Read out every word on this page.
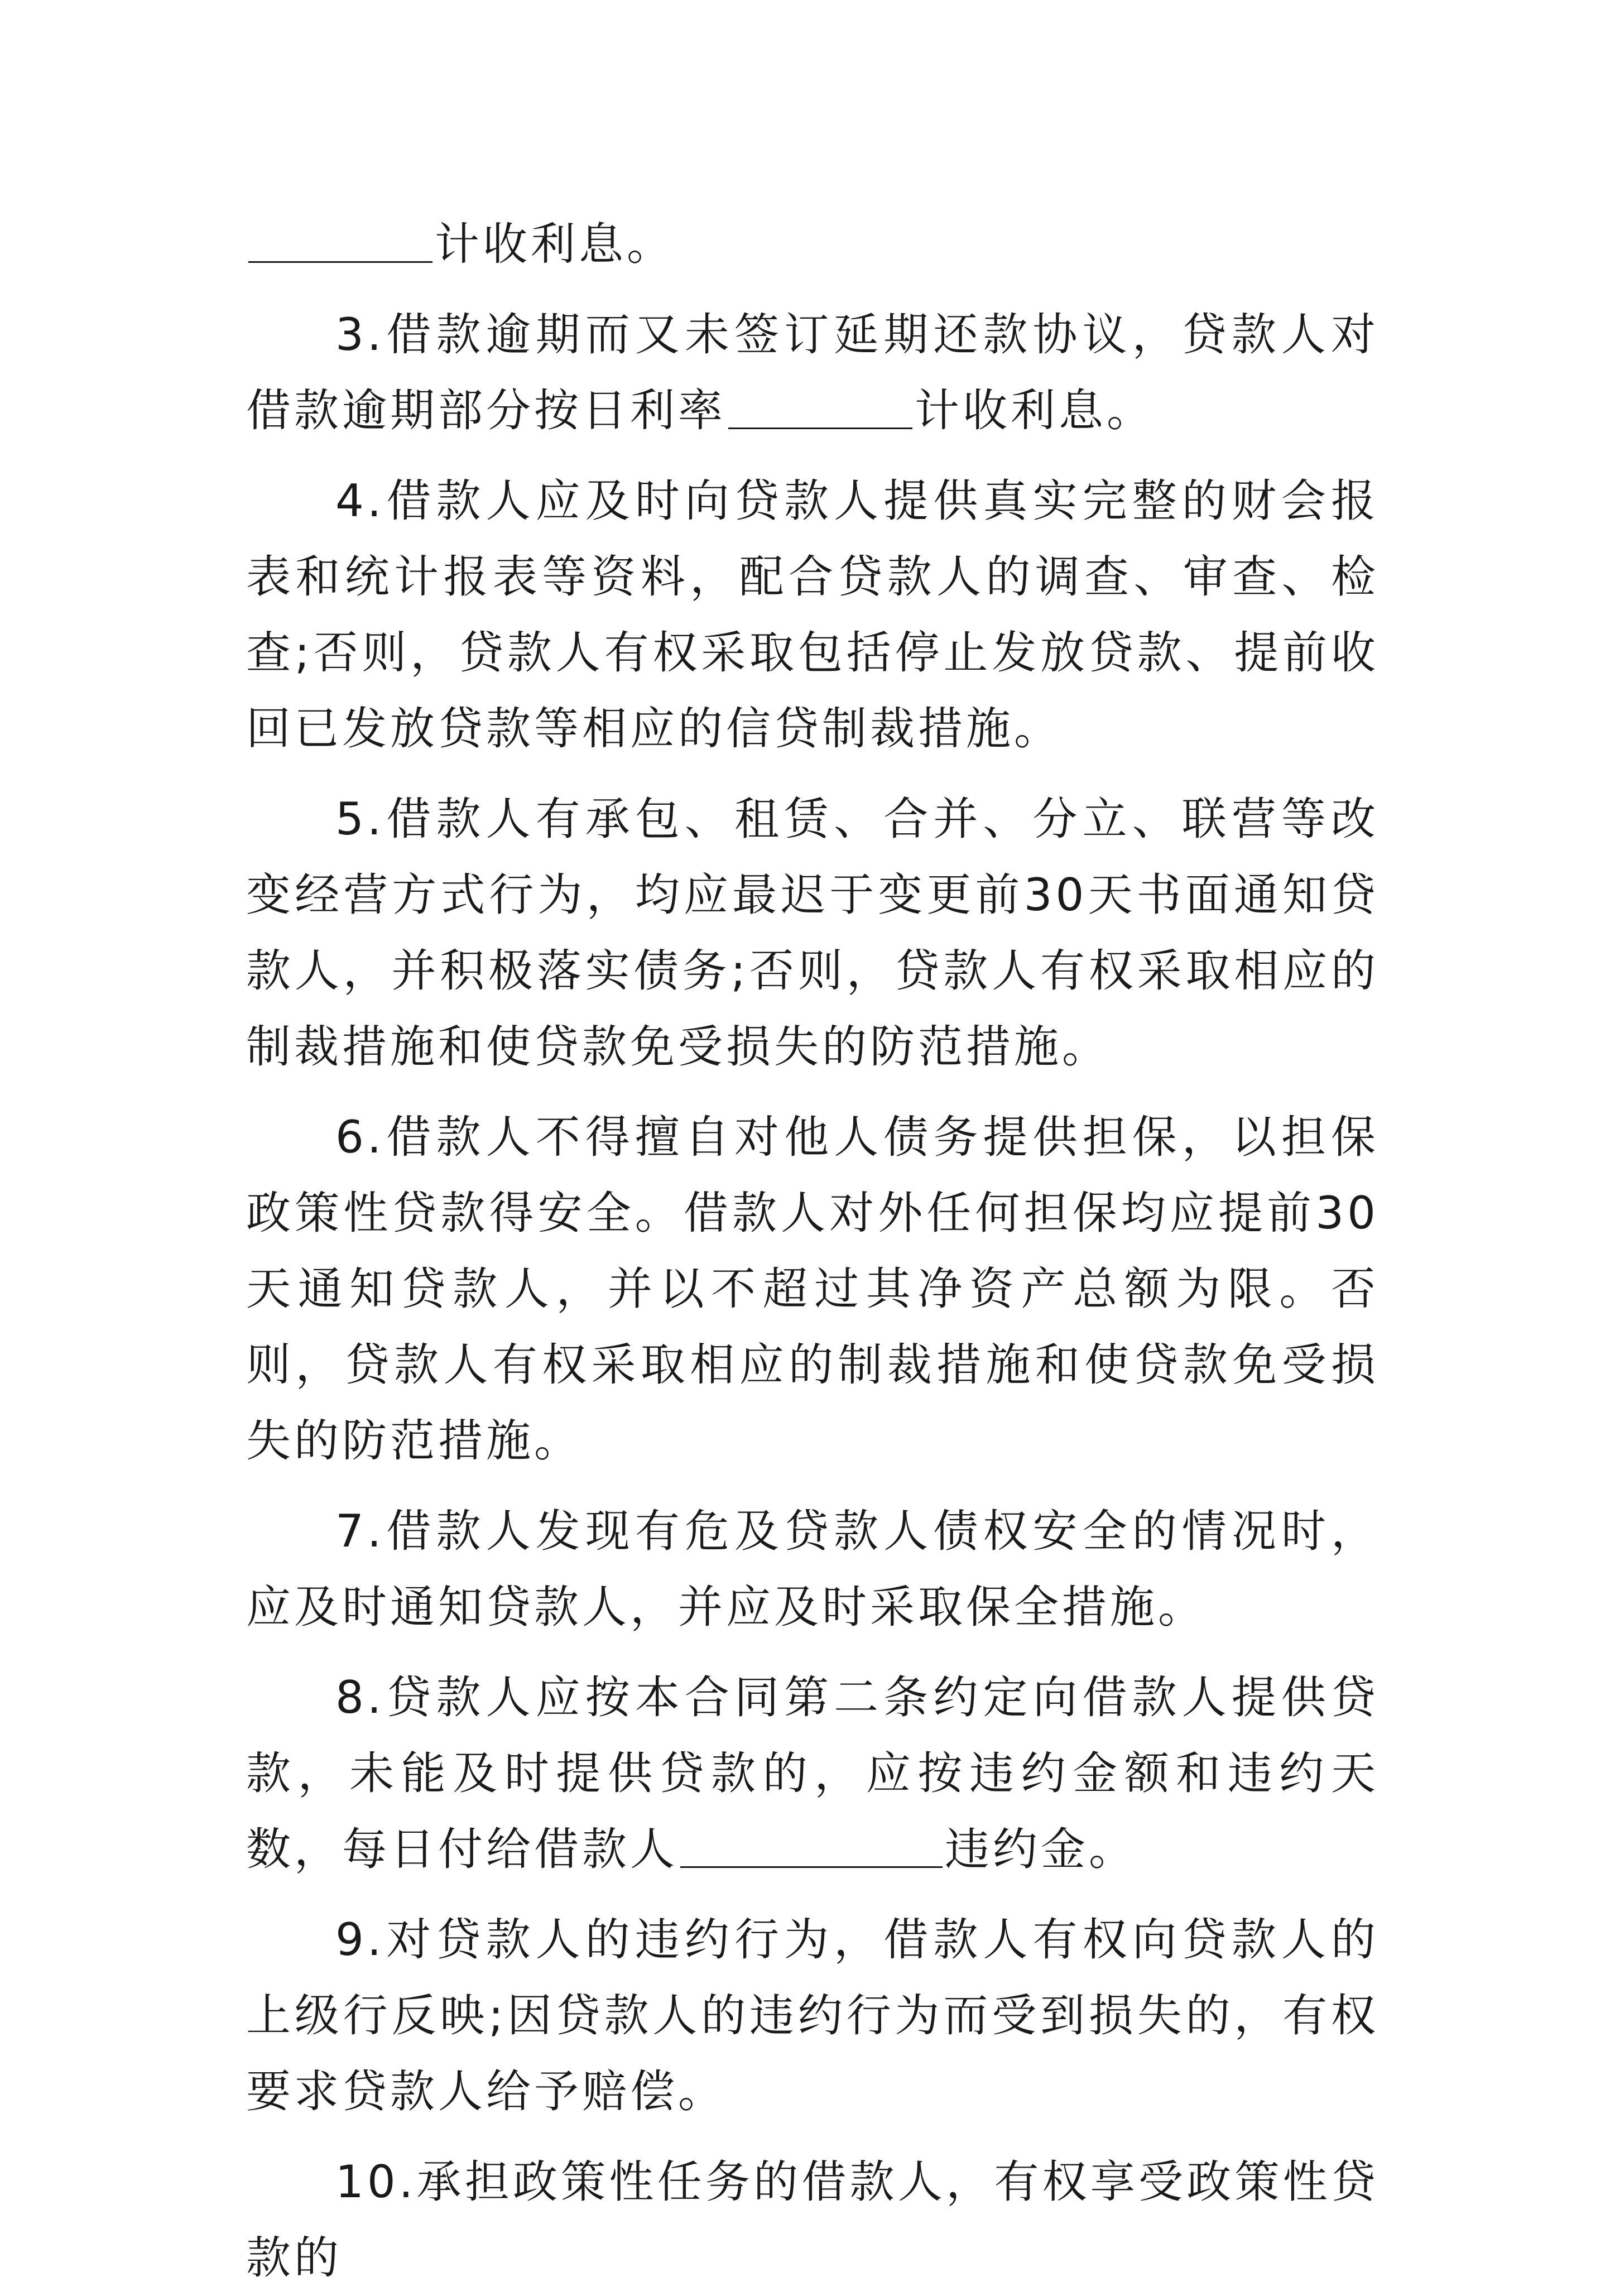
计收利息。

3.借款逾期而又未签订延期还款协议，贷款人对借款逾期部分按日利率	计收利息。

4.借款人应及时向贷款人提供真实完整的财会报表和统计报表等资料，配合贷款人的调查、审查、检查;否则，贷款人有权采取包括停止发放贷款、提前收回已发放贷款等相应的信贷制裁措施。

5.借款人有承包、租赁、合并、分立、联营等改变经营方式行为，均应最迟于变更前30天书面通知贷款人，并积极落实债务;否则，贷款人有权采取相应的制裁措施和使贷款免受损失的防范措施。

6.借款人不得擅自对他人债务提供担保，以担保政策性贷款得安全。借款人对外任何担保均应提前30天通知贷款人，并以不超过其净资产总额为限。否则，贷款人有权采取相应的制裁措施和使贷款免受损失的防范措施。

7.借款人发现有危及贷款人债权安全的情况时，应及时通知贷款人，并应及时采取保全措施。

8.贷款人应按本合同第二条约定向借款人提供贷款，未能及时提供贷款的，应按违约金额和违约天数，每日付给借款人	违约金。

9.对贷款人的违约行为，借款人有权向贷款人的上级行反映;因贷款人的违约行为而受到损失的，有权要求贷款人给予赔偿。

10.承担政策性任务的借款人，有权享受政策性贷款的
